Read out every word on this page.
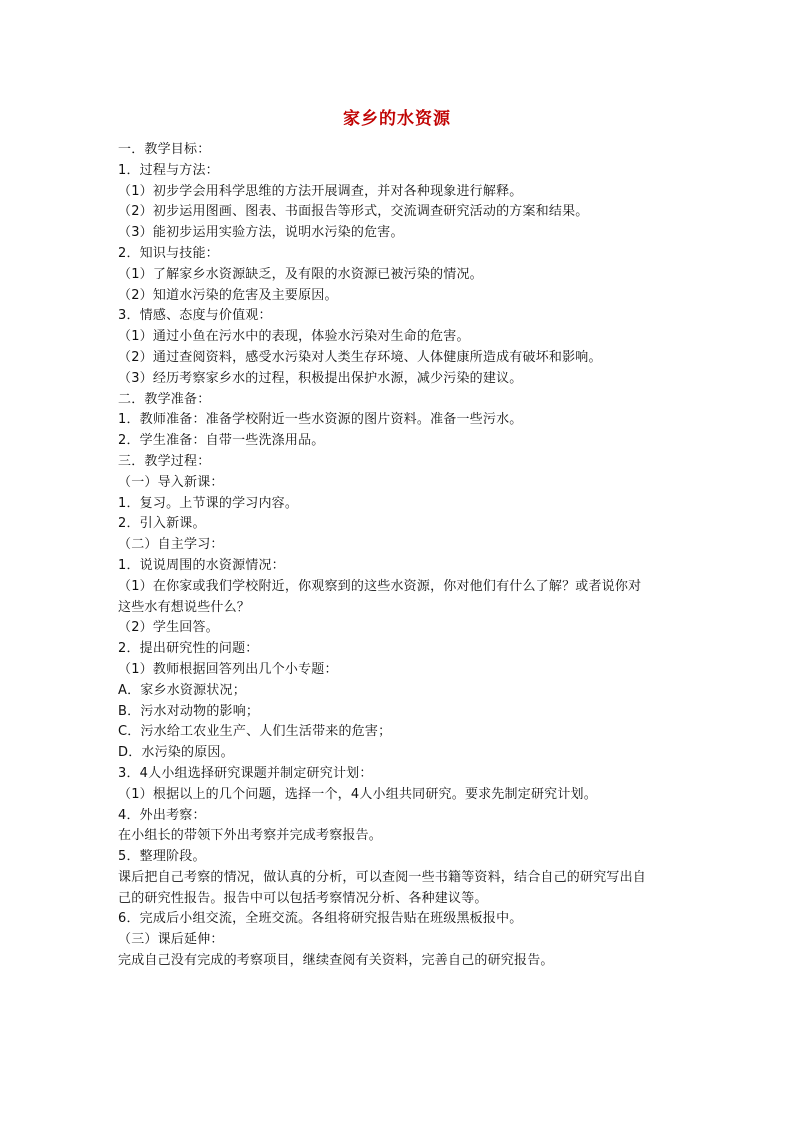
家乡的水资源
一．教学目标：
1．过程与方法：
（1）初步学会用科学思维的方法开展调查，并对各种现象进行解释。
（2）初步运用图画、图表、书面报告等形式，交流调查研究活动的方案和结果。
（3）能初步运用实验方法，说明水污染的危害。
2．知识与技能：
（1）了解家乡水资源缺乏，及有限的水资源已被污染的情况。
（2）知道水污染的危害及主要原因。
3．情感、态度与价值观：
（1）通过小鱼在污水中的表现，体验水污染对生命的危害。
（2）通过查阅资料，感受水污染对人类生存环境、人体健康所造成有破坏和影响。
（3）经历考察家乡水的过程，积极提出保护水源，减少污染的建议。
二．教学准备：
1．教师准备：准备学校附近一些水资源的图片资料。准备一些污水。
2．学生准备：自带一些洗涤用品。
三．教学过程：
（一）导入新课：
1．复习。上节课的学习内容。
2．引入新课。
（二）自主学习：
1．说说周围的水资源情况：
（1）在你家或我们学校附近，你观察到的这些水资源，你对他们有什么了解？或者说你对
这些水有想说些什么？
（2）学生回答。
2．提出研究性的问题：
（1）教师根据回答列出几个小专题：
A．家乡水资源状况；
B．污水对动物的影响；
C．污水给工农业生产、人们生活带来的危害；
D．水污染的原因。
3．4人小组选择研究课题并制定研究计划：
（1）根据以上的几个问题，选择一个，4人小组共同研究。要求先制定研究计划。
4．外出考察：
在小组长的带领下外出考察并完成考察报告。
5．整理阶段。
课后把自己考察的情况，做认真的分析，可以查阅一些书籍等资料，结合自己的研究写出自
己的研究性报告。报告中可以包括考察情况分析、各种建议等。
6．完成后小组交流，全班交流。各组将研究报告贴在班级黑板报中。
（三）课后延伸：
完成自己没有完成的考察项目，继续查阅有关资料，完善自己的研究报告。
